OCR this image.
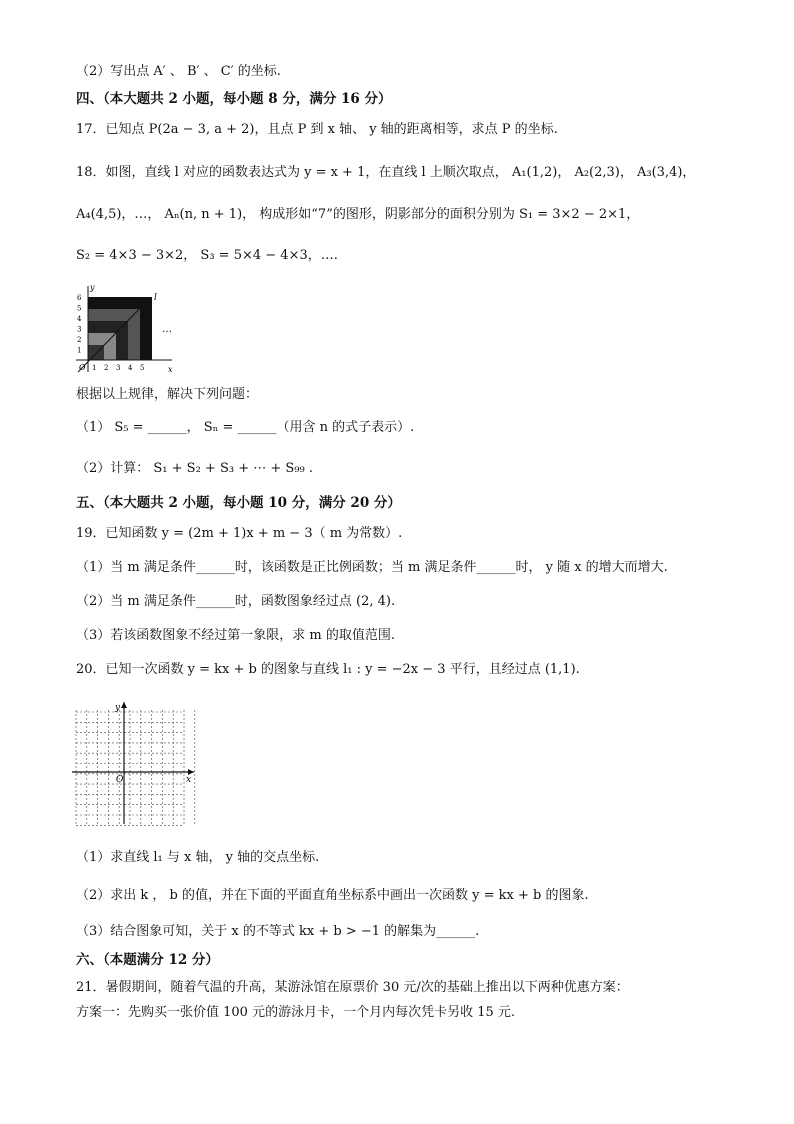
（2）写出点 A′ 、 B′ 、 C′ 的坐标.
四、（本大题共 2 小题，每小题 8 分，满分 16 分）
17．已知点 P(2a − 3, a + 2)，且点 P 到 x 轴、 y 轴的距离相等，求点 P 的坐标.
18．如图，直线 l 对应的函数表达式为 y = x + 1，在直线 l 上顺次取点， A₁(1,2)， A₂(2,3)， A₃(3,4)，
A₄(4,5)，…， Aₙ(n, n + 1)， 构成形如“7”的图形，阴影部分的面积分别为 S₁ = 3×2 − 2×1，
S₂ = 4×3 − 3×2， S₃ = 5×4 − 4×3，….
y
x
l
O
…
1
2
3
4
5
6
1 2 3 4 5
根据以上规律，解决下列问题：
（1） S₅ = ______， Sₙ = ______（用含 n 的式子表示）.
（2）计算： S₁ + S₂ + S₃ + ⋯ + S₉₉ .
五、（本大题共 2 小题，每小题 10 分，满分 20 分）
19．已知函数 y = (2m + 1)x + m − 3（ m 为常数）.
（1）当 m 满足条件______时，该函数是正比例函数；当 m 满足条件______时， y 随 x 的增大而增大.
（2）当 m 满足条件______时，函数图象经过点 (2, 4).
（3）若该函数图象不经过第一象限，求 m 的取值范围.
20．已知一次函数 y = kx + b 的图象与直线 l₁ : y = −2x − 3 平行，且经过点 (1,1).
y
x
O
（1）求直线 l₁ 与 x 轴， y 轴的交点坐标.
（2）求出 k ， b 的值，并在下面的平面直角坐标系中画出一次函数 y = kx + b 的图象.
（3）结合图象可知，关于 x 的不等式 kx + b > −1 的解集为______.
六、（本题满分 12 分）
21．暑假期间，随着气温的升高，某游泳馆在原票价 30 元/次的基础上推出以下两种优惠方案：
方案一：先购买一张价值 100 元的游泳月卡，一个月内每次凭卡另收 15 元.
